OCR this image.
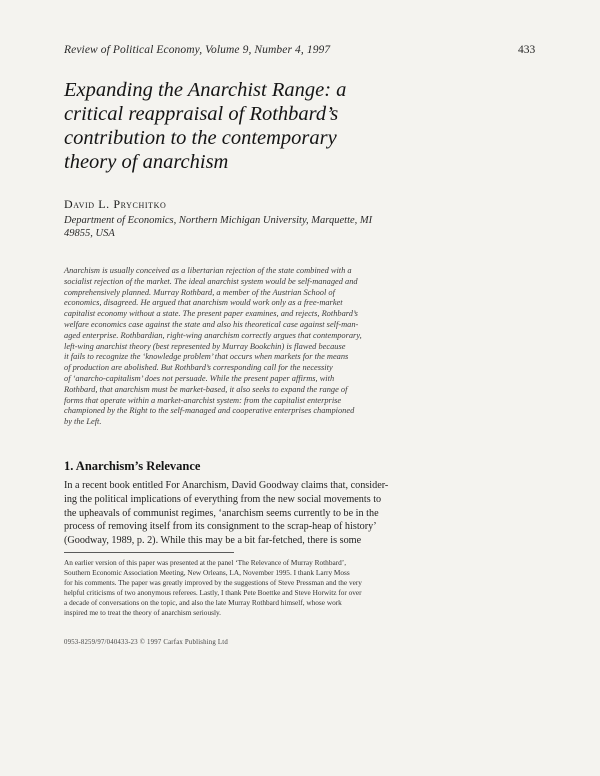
Review of Political Economy, Volume 9, Number 4, 1997	433
Expanding the Anarchist Range: a
critical reappraisal of Rothbard’s
contribution to the contemporary
theory of anarchism
David L. Prychitko
Department of Economics, Northern Michigan University, Marquette, MI
49855, USA
Anarchism is usually conceived as a libertarian rejection of the state combined with a
socialist rejection of the market. The ideal anarchist system would be self-managed and
comprehensively planned. Murray Rothbard, a member of the Austrian School of
economics, disagreed. He argued that anarchism would work only as a free-market
capitalist economy without a state. The present paper examines, and rejects, Rothbard’s
welfare economics case against the state and also his theoretical case against self-man-
aged enterprise. Rothbardian, right-wing anarchism correctly argues that contemporary,
left-wing anarchist theory (best represented by Murray Bookchin) is flawed because
it fails to recognize the ‘knowledge problem’ that occurs when markets for the means
of production are abolished. But Rothbard’s corresponding call for the necessity
of ‘anarcho-capitalism’ does not persuade. While the present paper affirms, with
Rothbard, that anarchism must be market-based, it also seeks to expand the range of
forms that operate within a market-anarchist system: from the capitalist enterprise
championed by the Right to the self-managed and cooperative enterprises championed
by the Left.
1. Anarchism’s Relevance
In a recent book entitled For Anarchism, David Goodway claims that, consider-
ing the political implications of everything from the new social movements to
the upheavals of communist regimes, ‘anarchism seems currently to be in the
process of removing itself from its consignment to the scrap-heap of history’
(Goodway, 1989, p. 2). While this may be a bit far-fetched, there is some
An earlier version of this paper was presented at the panel ‘The Relevance of Murray Rothbard’,
Southern Economic Association Meeting, New Orleans, LA, November 1995. I thank Larry Moss
for his comments. The paper was greatly improved by the suggestions of Steve Pressman and the very
helpful criticisms of two anonymous referees. Lastly, I thank Pete Boettke and Steve Horwitz for over
a decade of conversations on the topic, and also the late Murray Rothbard himself, whose work
inspired me to treat the theory of anarchism seriously.
0953-8259/97/040433-23 © 1997 Carfax Publishing Ltd
